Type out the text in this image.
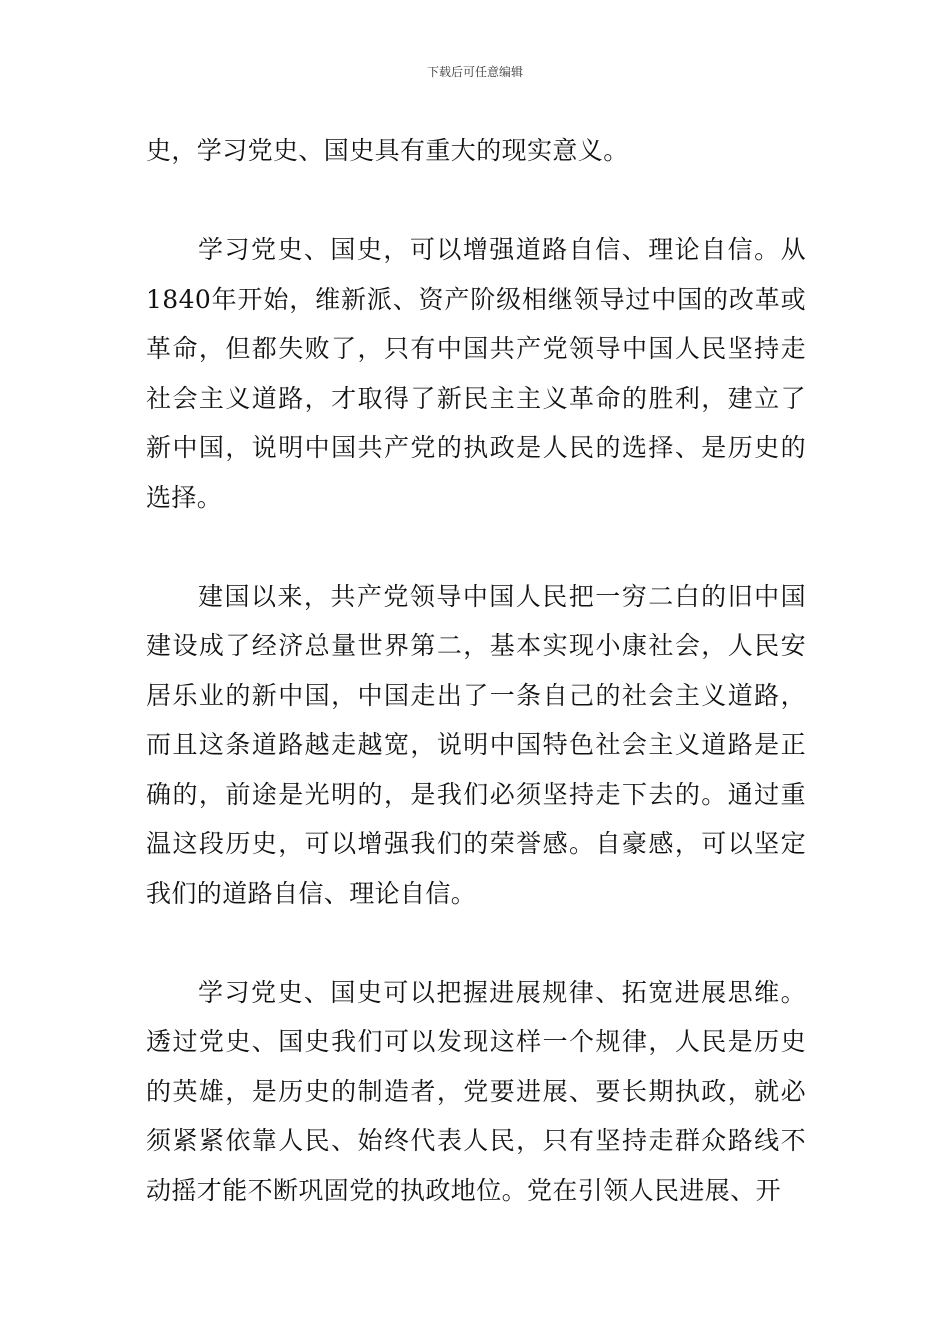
下载后可任意编辑

史，学习党史、国史具有重大的现实意义。

学习党史、国史，可以增强道路自信、理论自信。从1840年开始，维新派、资产阶级相继领导过中国的改革或革命，但都失败了，只有中国共产党领导中国人民坚持走社会主义道路，才取得了新民主主义革命的胜利，建立了新中国，说明中国共产党的执政是人民的选择、是历史的选择。

建国以来，共产党领导中国人民把一穷二白的旧中国建设成了经济总量世界第二，基本实现小康社会，人民安居乐业的新中国，中国走出了一条自己的社会主义道路，而且这条道路越走越宽，说明中国特色社会主义道路是正确的，前途是光明的，是我们必须坚持走下去的。通过重温这段历史，可以增强我们的荣誉感。自豪感，可以坚定我们的道路自信、理论自信。

学习党史、国史可以把握进展规律、拓宽进展思维。透过党史、国史我们可以发现这样一个规律，人民是历史的英雄，是历史的制造者，党要进展、要长期执政，就必须紧紧依靠人民、始终代表人民，只有坚持走群众路线不动摇才能不断巩固党的执政地位。党在引领人民进展、开
